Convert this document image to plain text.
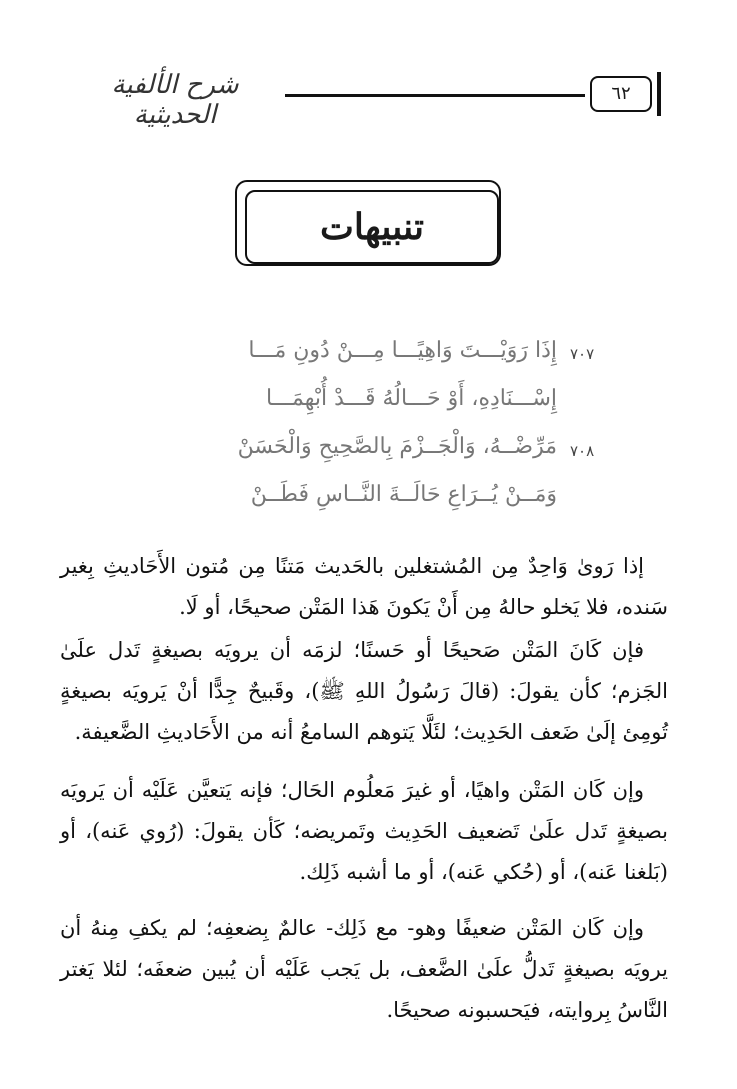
شرح الألفية الحديثية
٦٢
تنبيهات
٧٠٧
إِذَا رَوَيْـــتَ وَاهِيًـــا مِـــنْ دُونِ مَـــا
إِسْـــنَادِهِ، أَوْ حَـــالُهُ قَـــدْ أُبْهِمَـــا
٧٠٨
مَرِّضْــهُ، وَالْجَــزْمَ بِالصَّحِيحِ وَالْحَسَنْ
وَمَــنْ يُــرَاعِ حَالَــةَ النَّــاسِ فَطَــنْ
إذا رَوىٰ وَاحِدٌ مِن المُشتغلين بالحَديث مَتنًا مِن مُتون الأَحَاديثِ بِغير سَنده، فلا يَخلو حالهُ مِن أَنْ يَكونَ هَذا المَتْن صحيحًا، أو لَا.
فإن كَانَ المَتْن صَحيحًا أو حَسنًا؛ لزمَه أن يرويَه بصيغةٍ تَدل علَىٰ الجَزم؛ كأن يقولَ: (قالَ رَسُولُ اللهِ ﷺ)، وقَبيحٌ جِدًّا أنْ يَرويَه بصيغةٍ تُومِئ إلَىٰ ضَعف الحَدِيث؛ لئَلَّا يَتوهم السامعُ أنه من الأَحَاديثِ الضَّعيفة.
وإن كَان المَتْن واهيًا، أو غيرَ مَعلُوم الحَال؛ فإنه يَتعيَّن عَلَيْه أن يَرويَه بصيغةٍ تَدل علَىٰ تَضعيف الحَدِيث وتَمريضه؛ كَأن يقولَ: (رُوي عَنه)، أو (بَلغنا عَنه)، أو (حُكي عَنه)، أو ما أشبه ذَلِك.
وإن كَان المَتْن ضعيفًا وهو- مع ذَلِك- عالمٌ بِضعفِه؛ لم يكفِ مِنهُ أن يرويَه بصيغةٍ تَدلُّ علَىٰ الضَّعف، بل يَجب عَلَيْه أن يُبين ضعفَه؛ لئلا يَغتر النَّاسُ بِروايته، فيَحسبونه صحيحًا.
